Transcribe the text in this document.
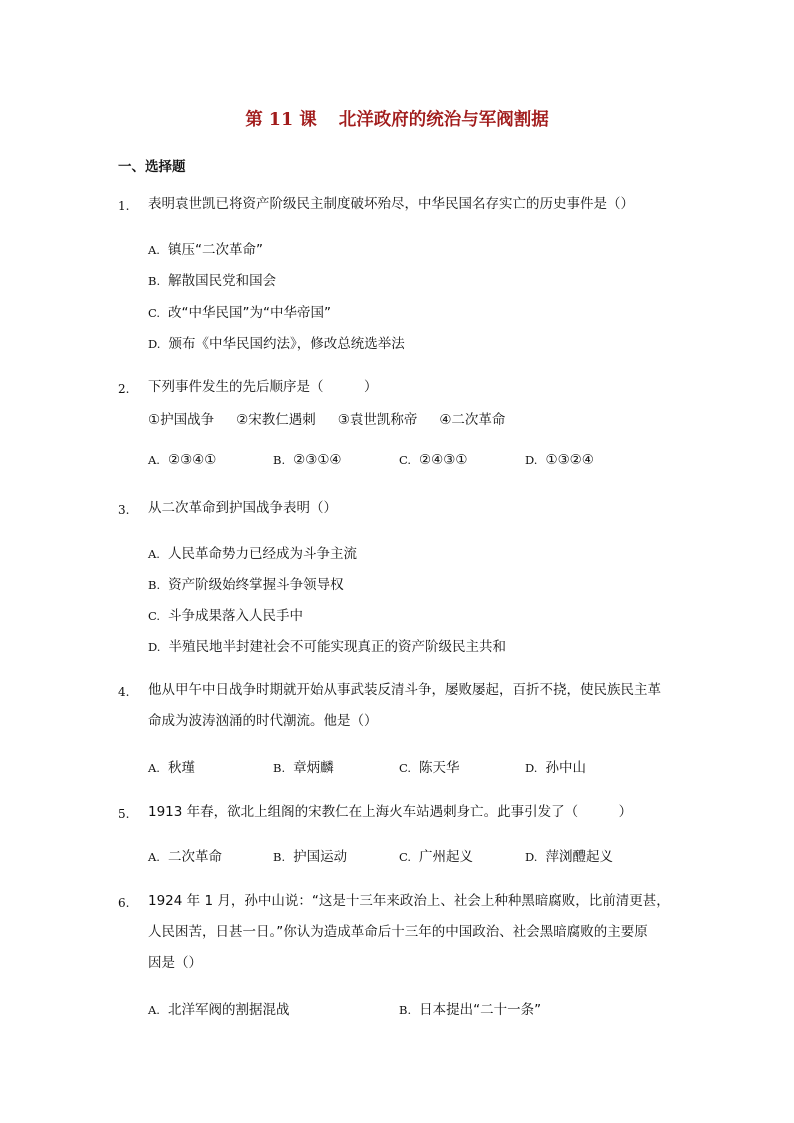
第 11 课 北洋政府的统治与军阀割据
一、选择题
1. 表明袁世凯已将资产阶级民主制度破坏殆尽，中华民国名存实亡的历史事件是（）
A. 镇压“二次革命”
B. 解散国民党和国会
C. 改“中华民国”为“中华帝国”
D. 颁布《中华民国约法》，修改总统选举法
2. 下列事件发生的先后顺序是（　　　）
①护国战争 ②宋教仁遇刺 ③袁世凯称帝 ④二次革命
A. ②③④①	B. ②③①④	C. ②④③①	D. ①③②④
3. 从二次革命到护国战争表明（）
A. 人民革命势力已经成为斗争主流
B. 资产阶级始终掌握斗争领导权
C. 斗争成果落入人民手中
D. 半殖民地半封建社会不可能实现真正的资产阶级民主共和
4. 他从甲午中日战争时期就开始从事武装反清斗争，屡败屡起，百折不挠，使民族民主革
命成为波涛汹涌的时代潮流。他是（）
A. 秋瑾	B. 章炳麟	C. 陈天华	D. 孙中山
5. 1913 年春，欲北上组阁的宋教仁在上海火车站遇刺身亡。此事引发了（　　　）
A. 二次革命	B. 护国运动	C. 广州起义	D. 萍浏醴起义
6. 1924 年 1 月，孙中山说：“这是十三年来政治上、社会上种种黑暗腐败，比前清更甚，
人民困苦，日甚一日。”你认为造成革命后十三年的中国政治、社会黑暗腐败的主要原
因是（）
A. 北洋军阀的割据混战	B. 日本提出“二十一条”
